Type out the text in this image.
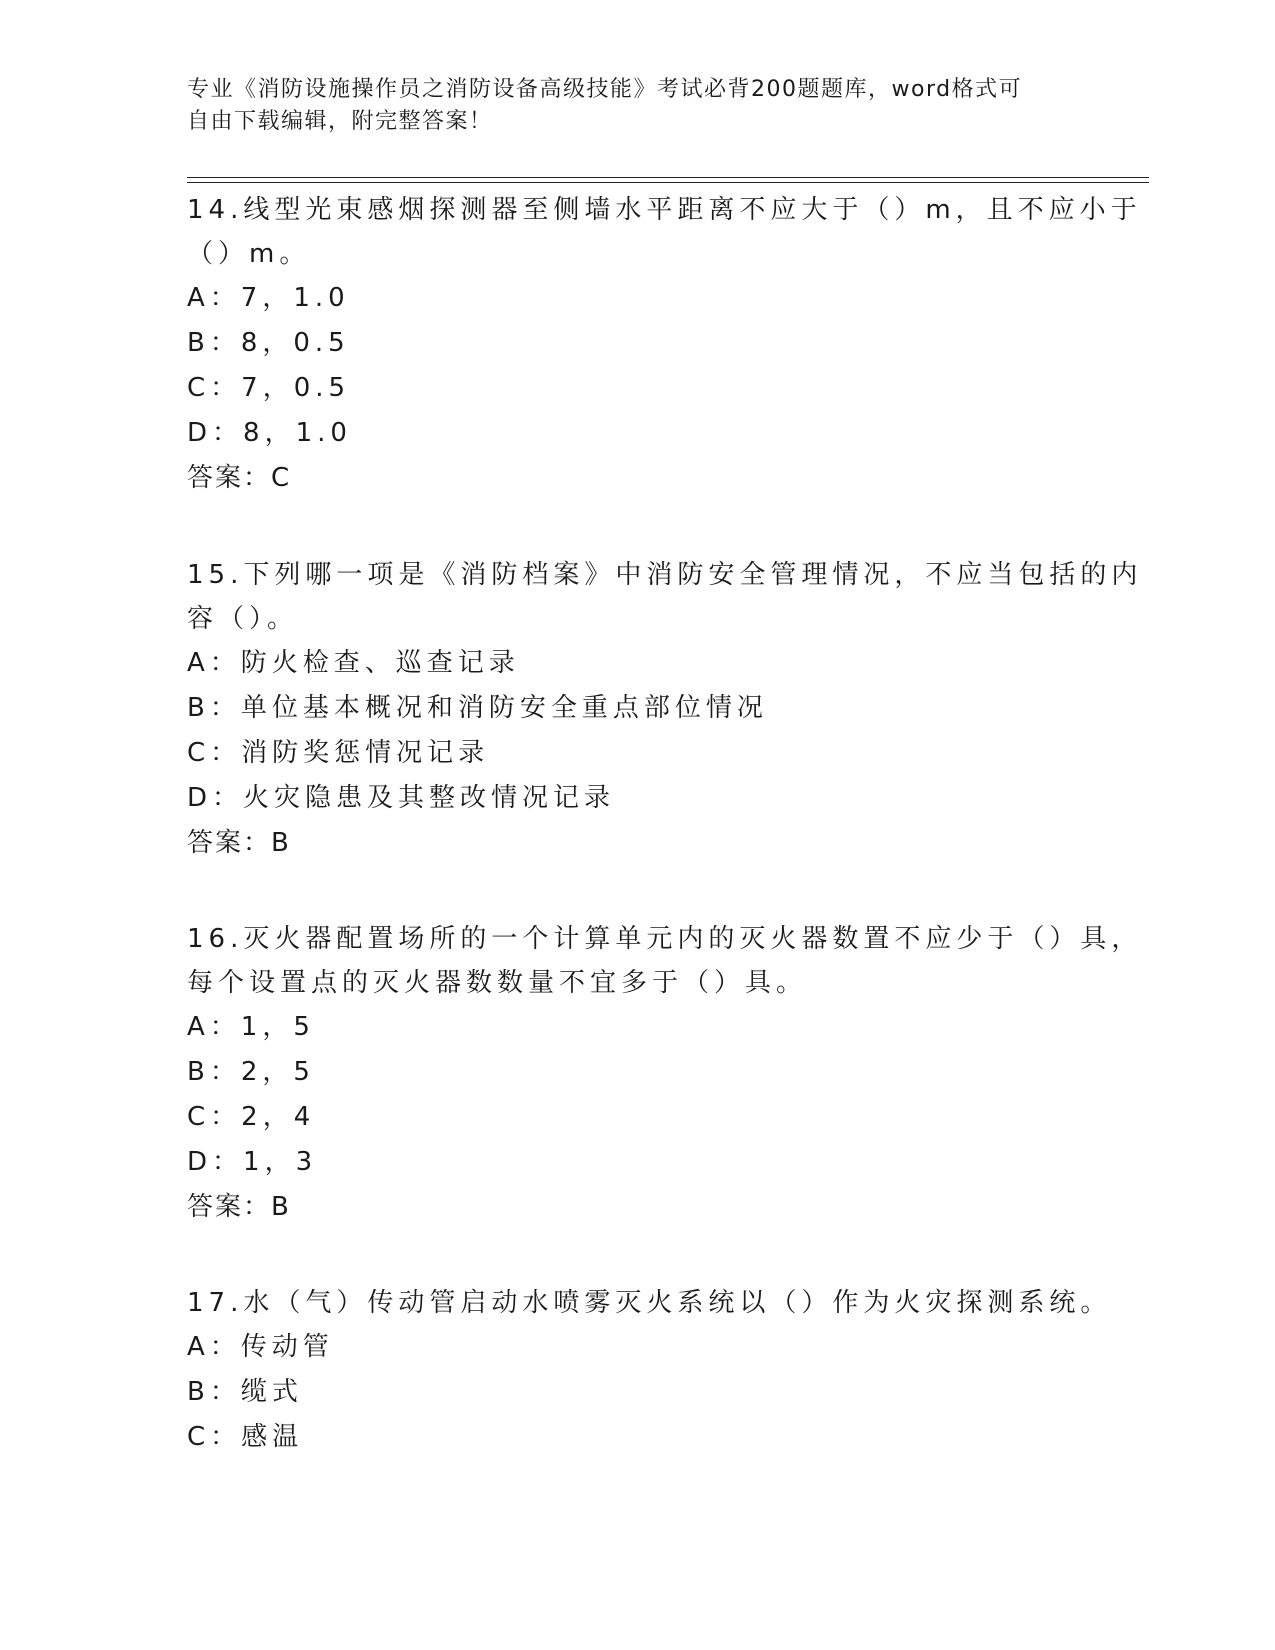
专业《消防设施操作员之消防设备高级技能》考试必背200题题库，word格式可

自由下载编辑，附完整答案！

14.线型光束感烟探测器至侧墙水平距离不应大于（）m，且不应小于
（）m。
A：7，1.0
B：8，0.5
C：7，0.5
D：8，1.0
答案：C
15.下列哪一项是《消防档案》中消防安全管理情况，不应当包括的内
容（）。
A：防火检查、巡查记录
B：单位基本概况和消防安全重点部位情况
C：消防奖惩情况记录
D：火灾隐患及其整改情况记录
答案：B
16.灭火器配置场所的一个计算单元内的灭火器数置不应少于（）具，
每个设置点的灭火器数数量不宜多于（）具。
A：1，5
B：2，5
C：2，4
D：1，3
答案：B
17.水（气）传动管启动水喷雾灭火系统以（）作为火灾探测系统。
A：传动管
B：缆式
C：感温
